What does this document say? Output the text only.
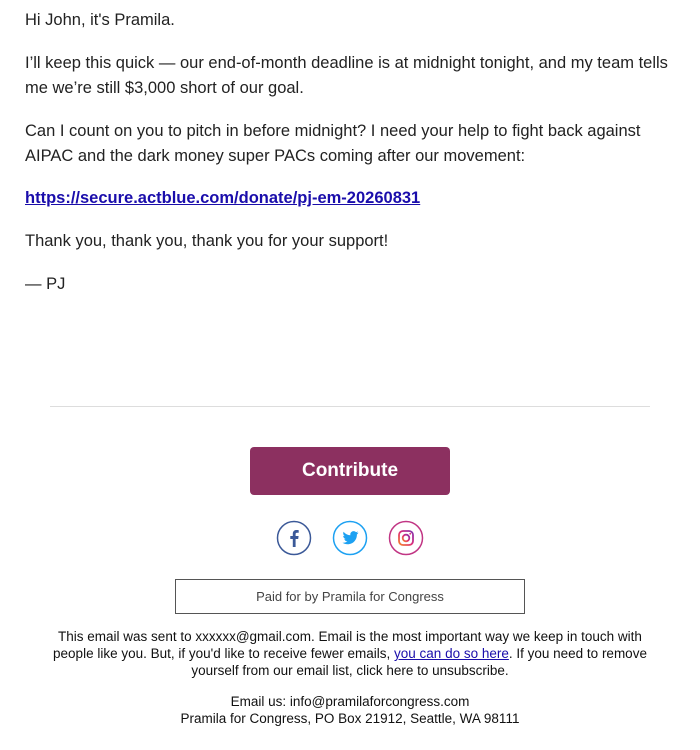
Hi John, it's Pramila.

I’ll keep this quick — our end-of-month deadline is at midnight tonight, and my team tells me we’re still $3,000 short of our goal.

Can I count on you to pitch in before midnight? I need your help to fight back against AIPAC and the dark money super PACs coming after our movement:

https://secure.actblue.com/donate/pj-em-20260831

Thank you, thank you, thank you for your support!

— PJ

Contribute
Paid for by Pramila for Congress

This email was sent to xxxxxx@gmail.com. Email is the most important way we keep in touch with people like you. But, if you'd like to receive fewer emails, you can do so here. If you need to remove yourself from our email list, click here to unsubscribe.

Email us: info@pramilaforcongress.com
Pramila for Congress, PO Box 21912, Seattle, WA 98111
